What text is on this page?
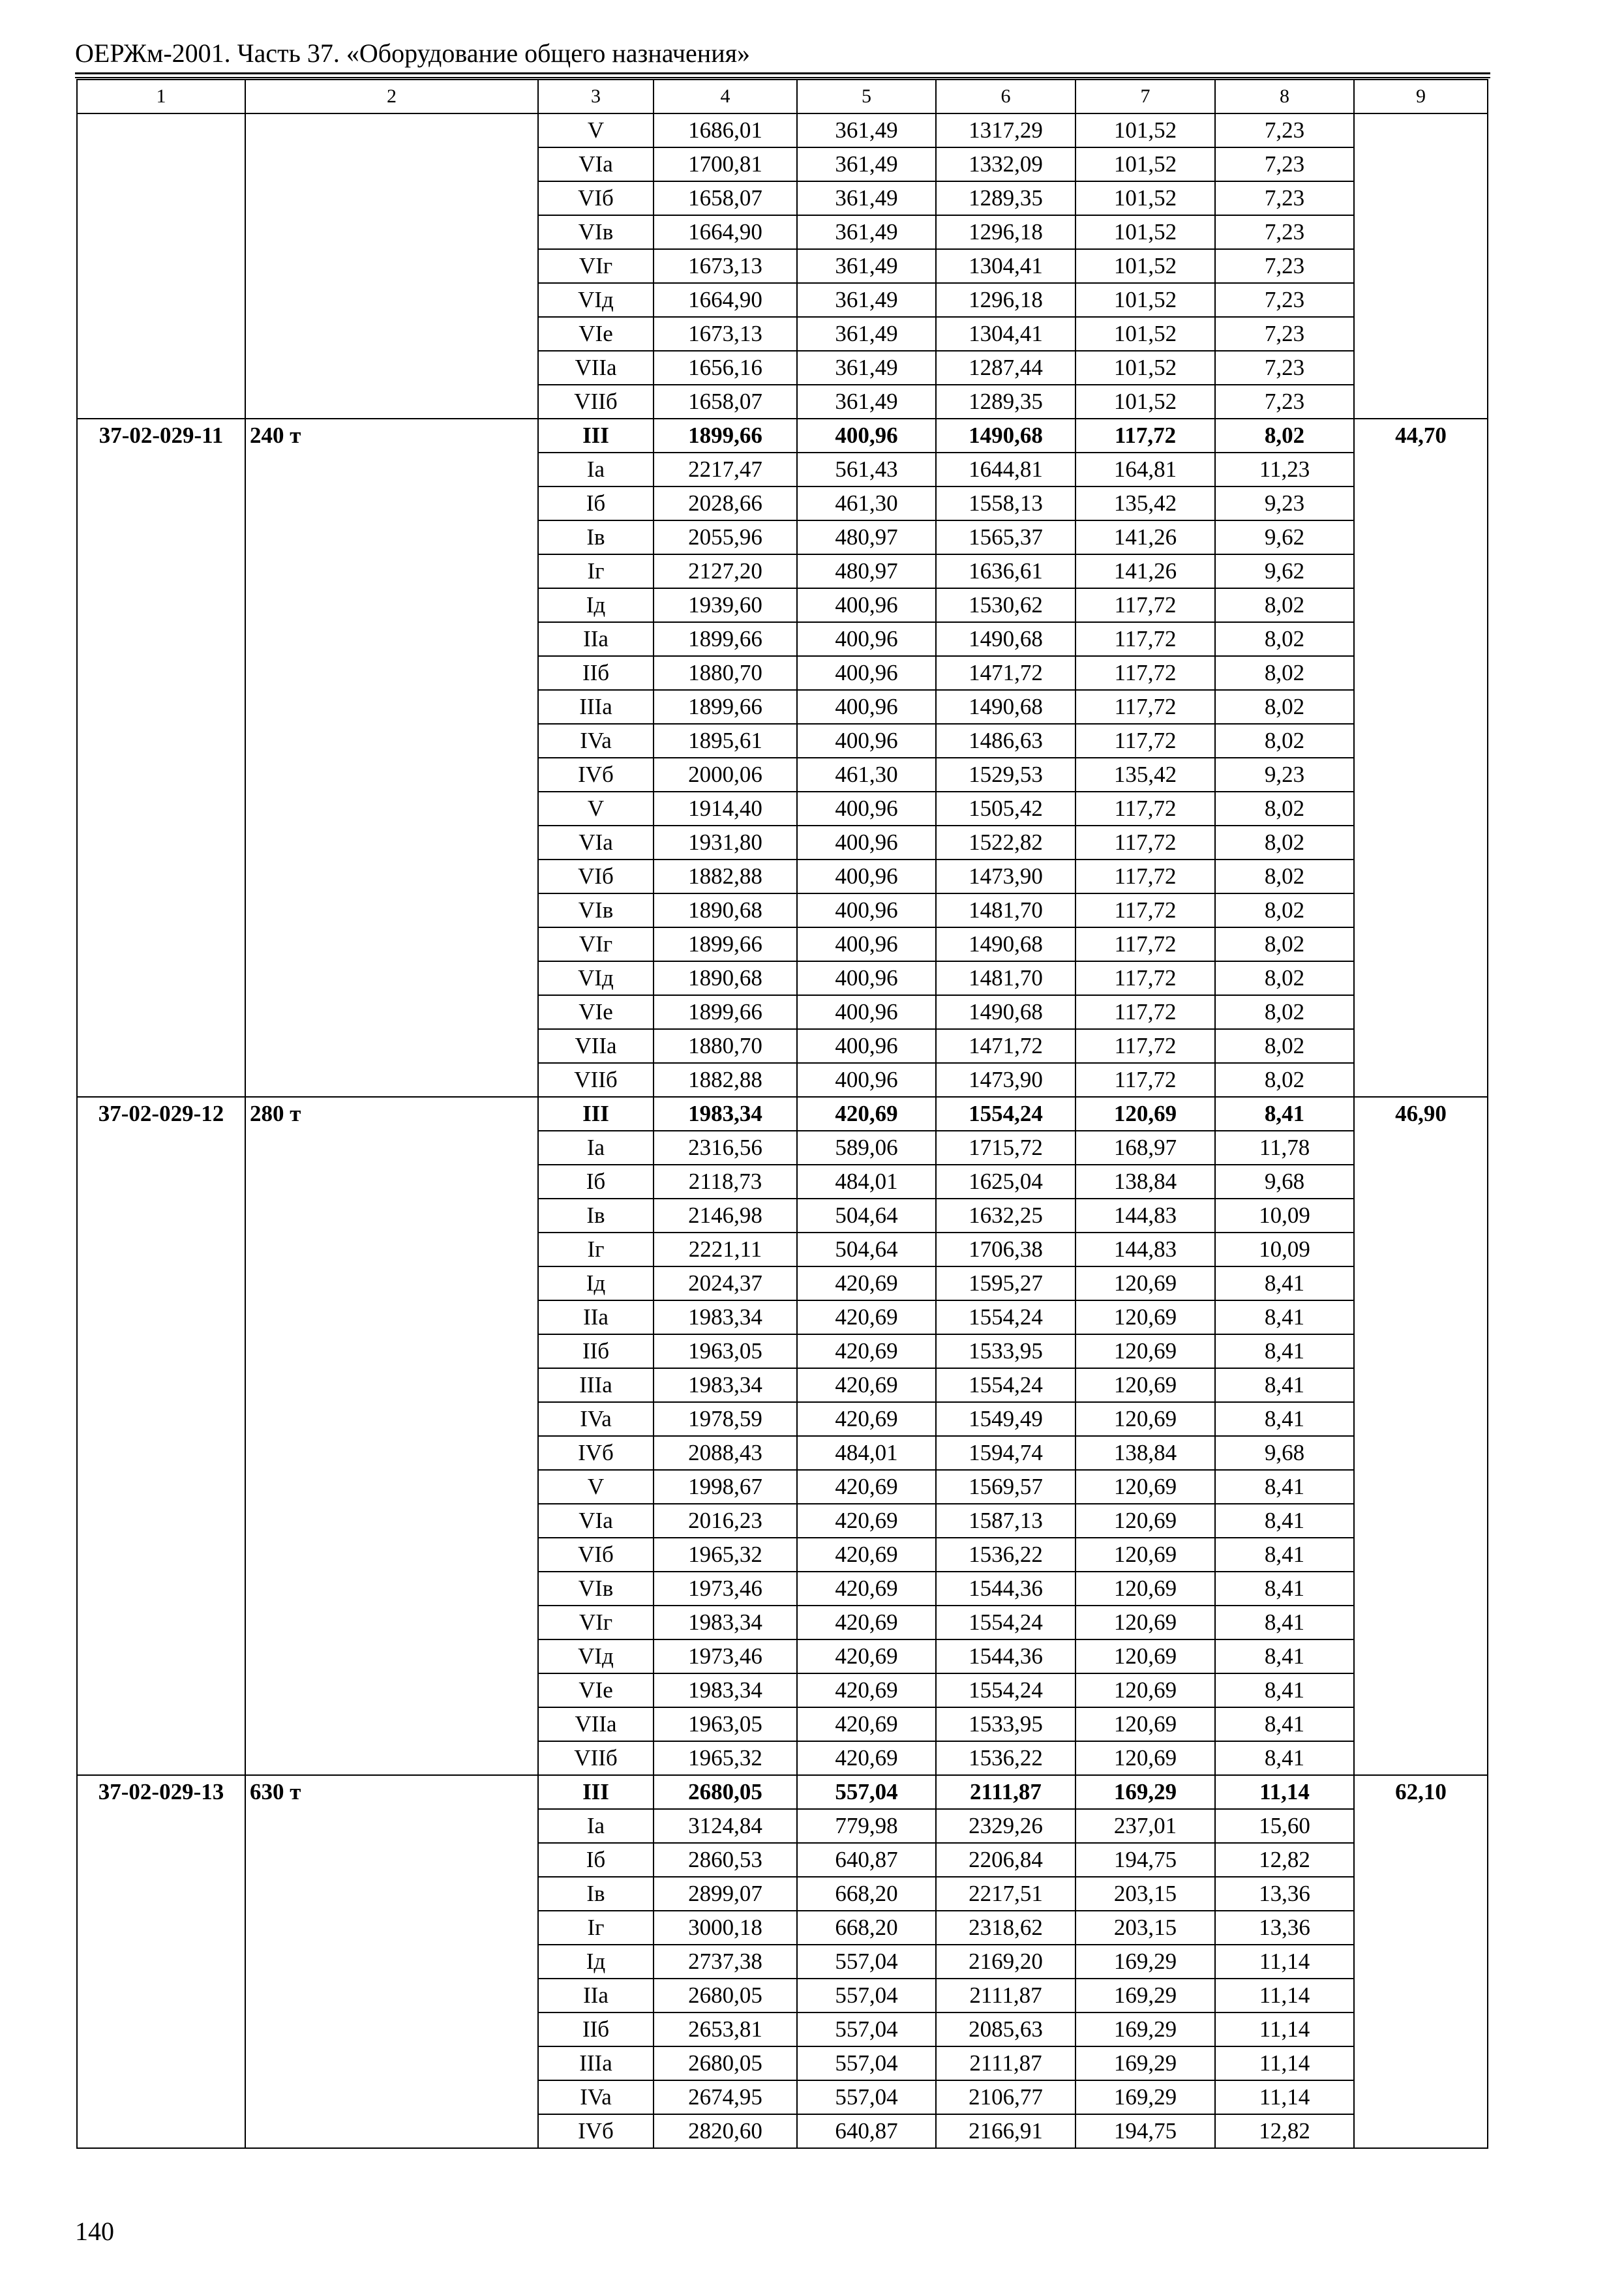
ОЕРЖм-2001. Часть 37. «Оборудование общего назначения»
1	2	3	4	5	6	7	8	9
		V	1686,01	361,49	1317,29	101,52	7,23	
		VIa	1700,81	361,49	1332,09	101,52	7,23	
		VIб	1658,07	361,49	1289,35	101,52	7,23	
		VIв	1664,90	361,49	1296,18	101,52	7,23	
		VIг	1673,13	361,49	1304,41	101,52	7,23	
		VIд	1664,90	361,49	1296,18	101,52	7,23	
		VIe	1673,13	361,49	1304,41	101,52	7,23	
		VIIa	1656,16	361,49	1287,44	101,52	7,23	
		VIIб	1658,07	361,49	1289,35	101,52	7,23	
37-02-029-11	240 т	III	1899,66	400,96	1490,68	117,72	8,02	44,70
		Ia	2217,47	561,43	1644,81	164,81	11,23	
		Iб	2028,66	461,30	1558,13	135,42	9,23	
		Iв	2055,96	480,97	1565,37	141,26	9,62	
		Iг	2127,20	480,97	1636,61	141,26	9,62	
		Iд	1939,60	400,96	1530,62	117,72	8,02	
		IIa	1899,66	400,96	1490,68	117,72	8,02	
		IIб	1880,70	400,96	1471,72	117,72	8,02	
		IIIa	1899,66	400,96	1490,68	117,72	8,02	
		IVa	1895,61	400,96	1486,63	117,72	8,02	
		IVб	2000,06	461,30	1529,53	135,42	9,23	
		V	1914,40	400,96	1505,42	117,72	8,02	
		VIa	1931,80	400,96	1522,82	117,72	8,02	
		VIб	1882,88	400,96	1473,90	117,72	8,02	
		VIв	1890,68	400,96	1481,70	117,72	8,02	
		VIг	1899,66	400,96	1490,68	117,72	8,02	
		VIд	1890,68	400,96	1481,70	117,72	8,02	
		VIe	1899,66	400,96	1490,68	117,72	8,02	
		VIIa	1880,70	400,96	1471,72	117,72	8,02	
		VIIб	1882,88	400,96	1473,90	117,72	8,02	
37-02-029-12	280 т	III	1983,34	420,69	1554,24	120,69	8,41	46,90
		Ia	2316,56	589,06	1715,72	168,97	11,78	
		Iб	2118,73	484,01	1625,04	138,84	9,68	
		Iв	2146,98	504,64	1632,25	144,83	10,09	
		Iг	2221,11	504,64	1706,38	144,83	10,09	
		Iд	2024,37	420,69	1595,27	120,69	8,41	
		IIa	1983,34	420,69	1554,24	120,69	8,41	
		IIб	1963,05	420,69	1533,95	120,69	8,41	
		IIIa	1983,34	420,69	1554,24	120,69	8,41	
		IVa	1978,59	420,69	1549,49	120,69	8,41	
		IVб	2088,43	484,01	1594,74	138,84	9,68	
		V	1998,67	420,69	1569,57	120,69	8,41	
		VIa	2016,23	420,69	1587,13	120,69	8,41	
		VIб	1965,32	420,69	1536,22	120,69	8,41	
		VIв	1973,46	420,69	1544,36	120,69	8,41	
		VIг	1983,34	420,69	1554,24	120,69	8,41	
		VIд	1973,46	420,69	1544,36	120,69	8,41	
		VIe	1983,34	420,69	1554,24	120,69	8,41	
		VIIa	1963,05	420,69	1533,95	120,69	8,41	
		VIIб	1965,32	420,69	1536,22	120,69	8,41	
37-02-029-13	630 т	III	2680,05	557,04	2111,87	169,29	11,14	62,10
		Ia	3124,84	779,98	2329,26	237,01	15,60	
		Iб	2860,53	640,87	2206,84	194,75	12,82	
		Iв	2899,07	668,20	2217,51	203,15	13,36	
		Iг	3000,18	668,20	2318,62	203,15	13,36	
		Iд	2737,38	557,04	2169,20	169,29	11,14	
		IIa	2680,05	557,04	2111,87	169,29	11,14	
		IIб	2653,81	557,04	2085,63	169,29	11,14	
		IIIa	2680,05	557,04	2111,87	169,29	11,14	
		IVa	2674,95	557,04	2106,77	169,29	11,14	
		IVб	2820,60	640,87	2166,91	194,75	12,82	
140
